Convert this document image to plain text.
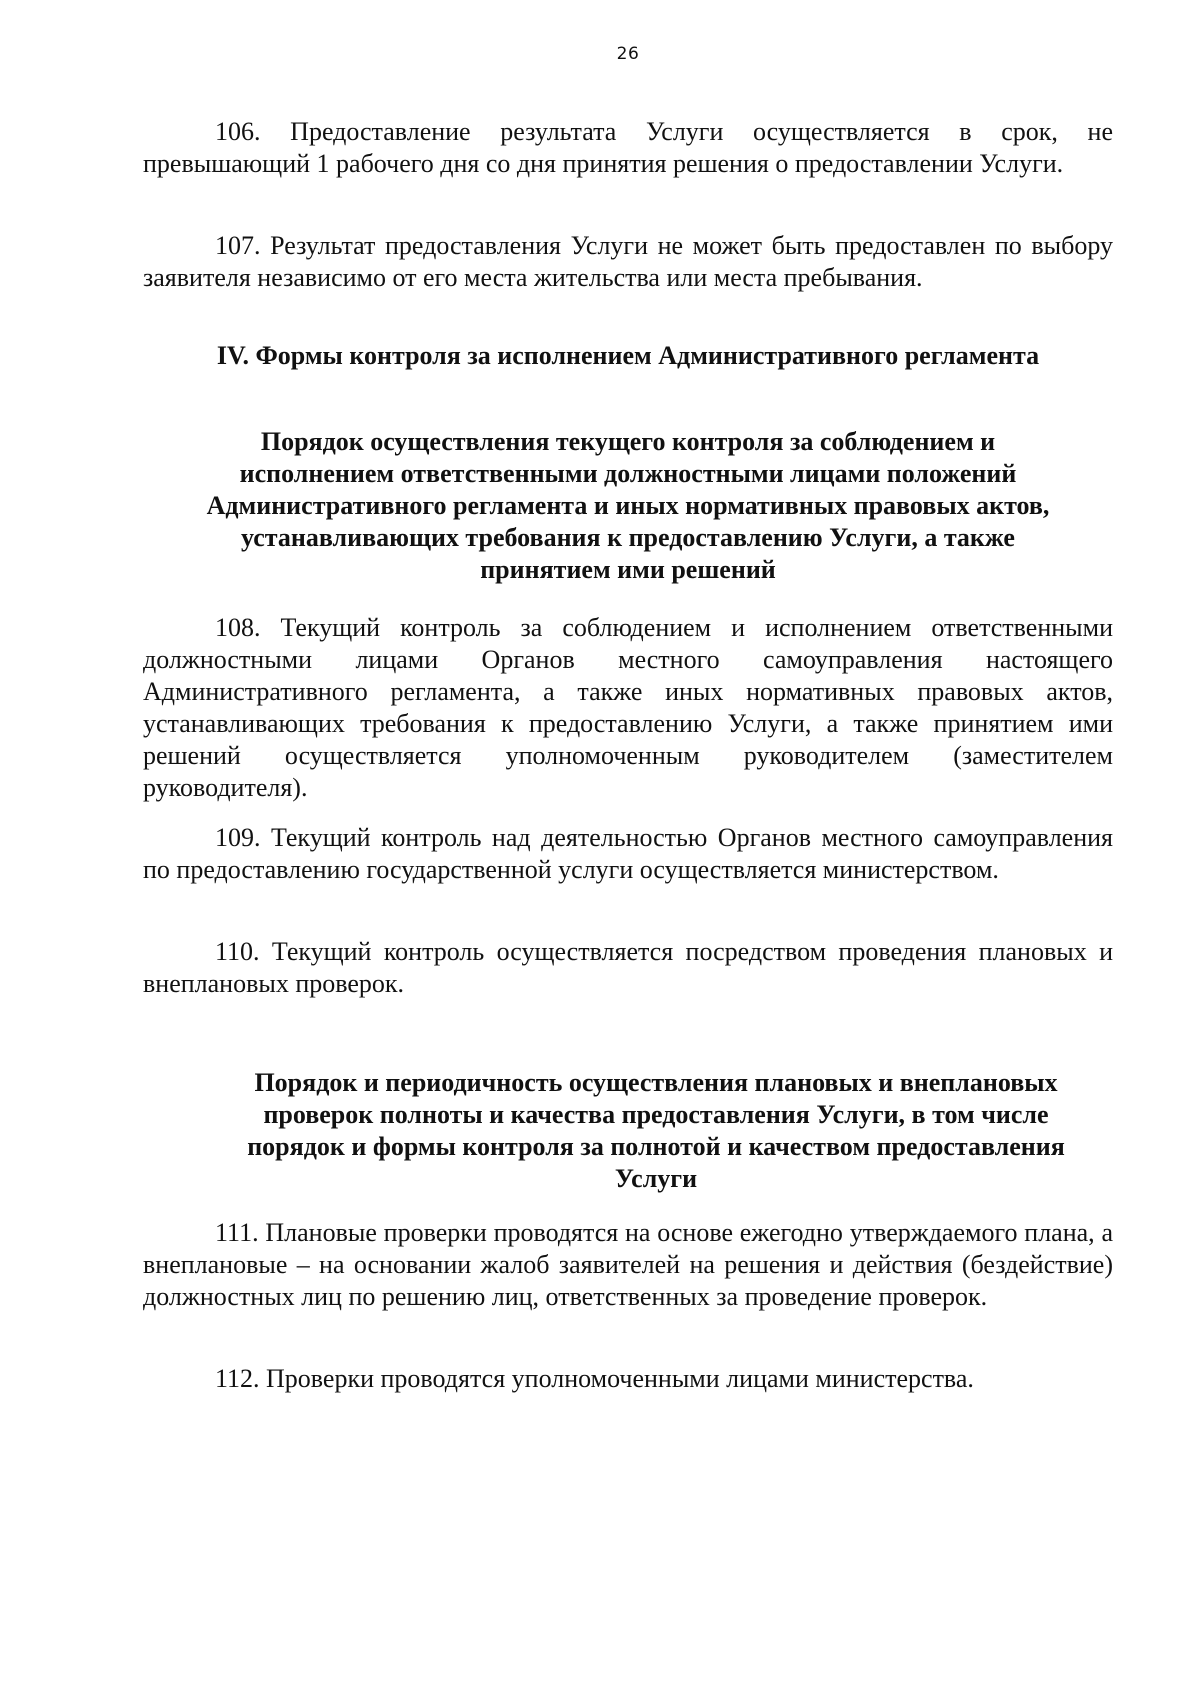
26

106. Предоставление результата Услуги осуществляется в срок, не превышающий 1 рабочего дня со дня принятия решения о предоставлении Услуги.

107. Результат предоставления Услуги не может быть предоставлен по выбору заявителя независимо от его места жительства или места пребывания.

IV. Формы контроля за исполнением Административного регламента

Порядок осуществления текущего контроля за соблюдением и

исполнением ответственными должностными лицами положений

Административного регламента и иных нормативных правовых актов,

устанавливающих требования к предоставлению Услуги, а также

принятием ими решений

108. Текущий контроль за соблюдением и исполнением ответственными должностными лицами Органов местного самоуправления настоящего Административного регламента, а также иных нормативных правовых актов, устанавливающих требования к предоставлению Услуги, а также принятием ими решений осуществляется уполномоченным руководителем (заместителем руководителя).

109. Текущий контроль над деятельностью Органов местного самоуправления по предоставлению государственной услуги осуществляется министерством.

110. Текущий контроль осуществляется посредством проведения плановых и внеплановых проверок.

Порядок и периодичность осуществления плановых и внеплановых

проверок полноты и качества предоставления Услуги, в том числе

порядок и формы контроля за полнотой и качеством предоставления

Услуги

111. Плановые проверки проводятся на основе ежегодно утверждаемого плана, а внеплановые – на основании жалоб заявителей на решения и действия (бездействие) должностных лиц по решению лиц, ответственных за проведение проверок.

112. Проверки проводятся уполномоченными лицами министерства.
